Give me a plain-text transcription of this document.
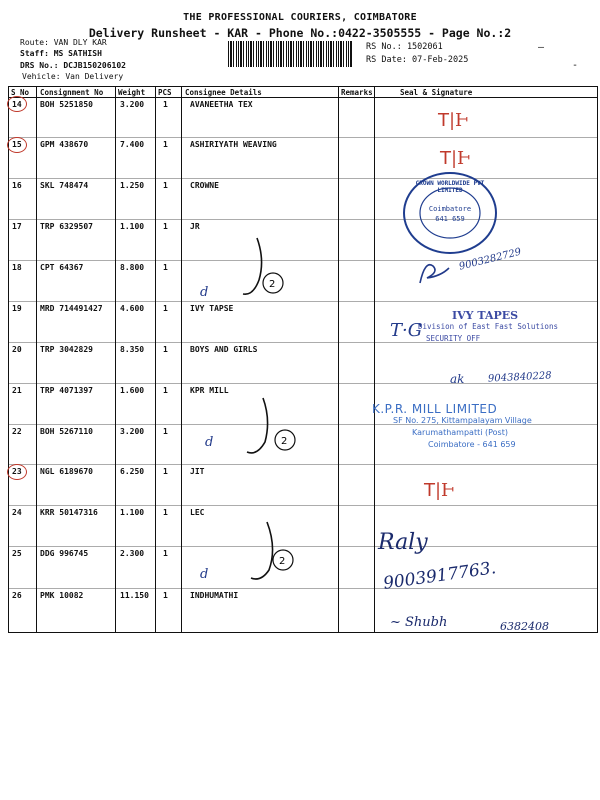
THE PROFESSIONAL COURIERS, COIMBATORE
Delivery Runsheet - KAR - Phone No.:0422-3505555 - Page No.:2
Route: VAN DLY KAR
Staff: MS SATHISH
DRS No.: DCJB150206102
Vehicle: Van Delivery
RS No.: 1502061
RS Date: 07-Feb-2025
–
-
S No Consignment No Weight PCS Consignee Details	Remarks	Seal & Signature
14 BOH 5251850	3.200 1	AVANEETHA TEX
15 GPM 438670	7.400 1	ASHIRIYATH WEAVING
16 SKL 748474	1.250 1	CROWNE
17 TRP 6329507	1.100 1	JR
18 CPT 64367	8.800 1
19 MRD 714491427 4.600 1	IVY TAPSE
20 TRP 3042829	8.350 1	BOYS AND GIRLS
21 TRP 4071397	1.600 1	KPR MILL
22 BOH 5267110	3.200 1
23 NGL 6189670	6.250 1	JIT
24 KRR 50147316	1.100 1	LEC
25 DDG 996745	2.300 1
26 PMK 10082	11.150 1	INDHUMATHI
d
d
d
2
2
2
ꓔ|Ͱ
ꓔ|Ͱ
ꓔ|Ͱ
CROWN WORLDWIDE PVT LIMITED
Coimbatore
641 659
9003282729
IVY TAPES
Division of East Fast Solutions
SECURITY OFF
T·G
ak 9043840228
K.P.R. MILL LIMITED
SF No. 275, Kittampalayam Village
Karumathampatti (Post)
Coimbatore - 641 659
Raly
9003917763.
~ Shubh	6382408
